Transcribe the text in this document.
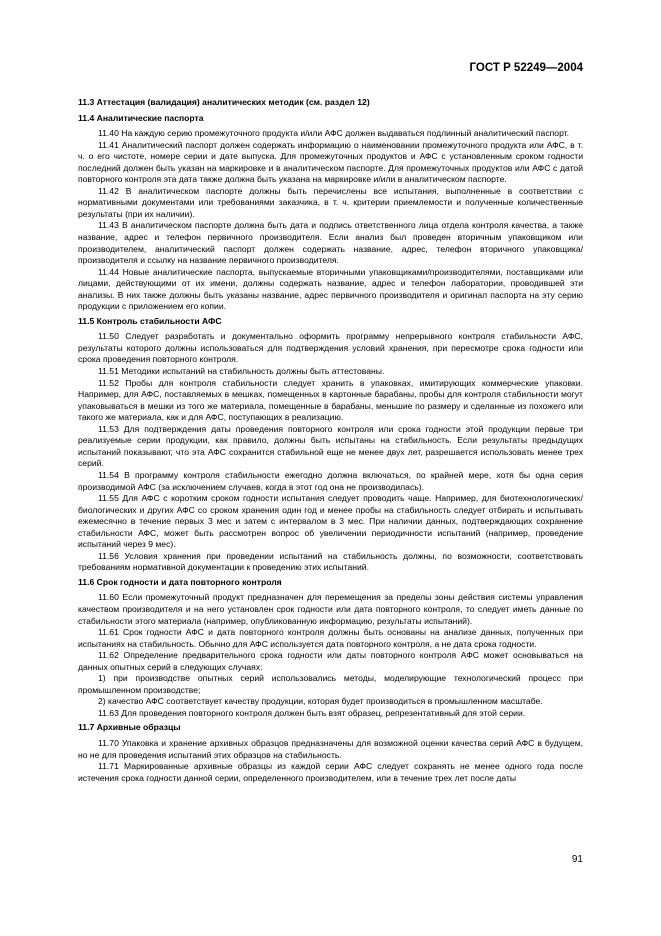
ГОСТ Р 52249—2004
11.3 Аттестация (валидация) аналитических методик (см. раздел 12)
11.4 Аналитические паспорта

11.40 На каждую серию промежуточного продукта и/или АФС должен выдаваться подлинный аналитический паспорт.

11.41 Аналитический паспорт должен содержать информацию о наименовании промежуточного продукта или АФС, в т. ч. о его чистоте, номере серии и дате выпуска. Для промежуточных продуктов и АФС с установленным сроком годности последний должен быть указан на маркировке и в аналитическом паспорте. Для промежуточных продуктов или АФС с датой повторного контроля эта дата также должна быть указана на маркировке и/или в аналитическом паспорте.

11.42 В аналитическом паспорте должны быть перечислены все испытания, выполненные в соответствии с нормативными документами или требованиями заказчика, в т. ч. критерии приемлемости и полученные количественные результаты (при их наличии).

11.43 В аналитическом паспорте должна быть дата и подпись ответственного лица отдела контроля качества, а также название, адрес и телефон первичного производителя. Если анализ был проведен вторичным упаковщиком или производителем, аналитический паспорт должен содержать название, адрес, телефон вторичного упаковщика/производителя и ссылку на название первичного производителя.

11.44 Новые аналитические паспорта, выпускаемые вторичными упаковщиками/производителями, поставщиками или лицами, действующими от их имени, должны содержать название, адрес и телефон лаборатории, проводившей эти анализы. В них также должны быть указаны название, адрес первичного производителя и оригинал паспорта на эту серию продукции с приложением его копии.

11.5 Контроль стабильности АФС

11.50 Следует разработать и документально оформить программу непрерывного контроля стабильности АФС, результаты которого должны использоваться для подтверждения условий хранения, при пересмотре срока годности или срока проведения повторного контроля.

11.51 Методики испытаний на стабильность должны быть аттестованы.

11.52 Пробы для контроля стабильности следует хранить в упаковках, имитирующих коммерческие упаковки. Например, для АФС, поставляемых в мешках, помещенных в картонные барабаны, пробы для контроля стабильности могут упаковываться в мешки из того же материала, помещенные в барабаны, меньшие по размеру и сделанные из похожего или такого же материала, как и для АФС, поступающих в реализацию.

11.53 Для подтверждения даты проведения повторного контроля или срока годности этой продукции первые три реализуемые серии продукции, как правило, должны быть испытаны на стабильность. Если результаты предыдущих испытаний показывают, что эта АФС сохранится стабильной еще не менее двух лет, разрешается использовать менее трех серий.

11.54 В программу контроля стабильности ежегодно должна включаться, по крайней мере, хотя бы одна серия производимой АФС (за исключением случаев, когда в этот год она не производилась).

11.55 Для АФС с коротким сроком годности испытания следует проводить чаще. Например, для биотехнологических/биологических и других АФС со сроком хранения один год и менее пробы на стабильность следует отбирать и испытывать ежемесячно в течение первых 3 мес и затем с интервалом в 3 мес. При наличии данных, подтверждающих сохранение стабильности АФС, может быть рассмотрен вопрос об увеличении периодичности испытаний (например, проведение испытаний через 9 мес).

11.56 Условия хранения при проведении испытаний на стабильность должны, по возможности, соответствовать требованиям нормативной документации к проведению этих испытаний.

11.6 Срок годности и дата повторного контроля

11.60 Если промежуточный продукт предназначен для перемещения за пределы зоны действия системы управления качеством производителя и на него установлен срок годности или дата повторного контроля, то следует иметь данные по стабильности этого материала (например, опубликованную информацию, результаты испытаний).

11.61 Срок годности АФС и дата повторного контроля должны быть основаны на анализе данных, полученных при испытаниях на стабильность. Обычно для АФС используется дата повторного контроля, а не дата срока годности.

11.62 Определение предварительного срока годности или даты повторного контроля АФС может основываться на данных опытных серий в следующих случаях:

1) при производстве опытных серий использовались методы, моделирующие технологический процесс при промышленном производстве;

2) качество АФС соответствует качеству продукции, которая будет производиться в промышленном масштабе.

11.63 Для проведения повторного контроля должен быть взят образец, репрезентативный для этой серии.

11.7 Архивные образцы

11.70 Упаковка и хранение архивных образцов предназначены для возможной оценки качества серий АФС в будущем, но не для проведения испытаний этих образцов на стабильность.

11.71 Маркированные архивные образцы из каждой серии АФС следует сохранять не менее одного года после истечения срока годности данной серии, определенного производителем, или в течение трех лет после даты

91
